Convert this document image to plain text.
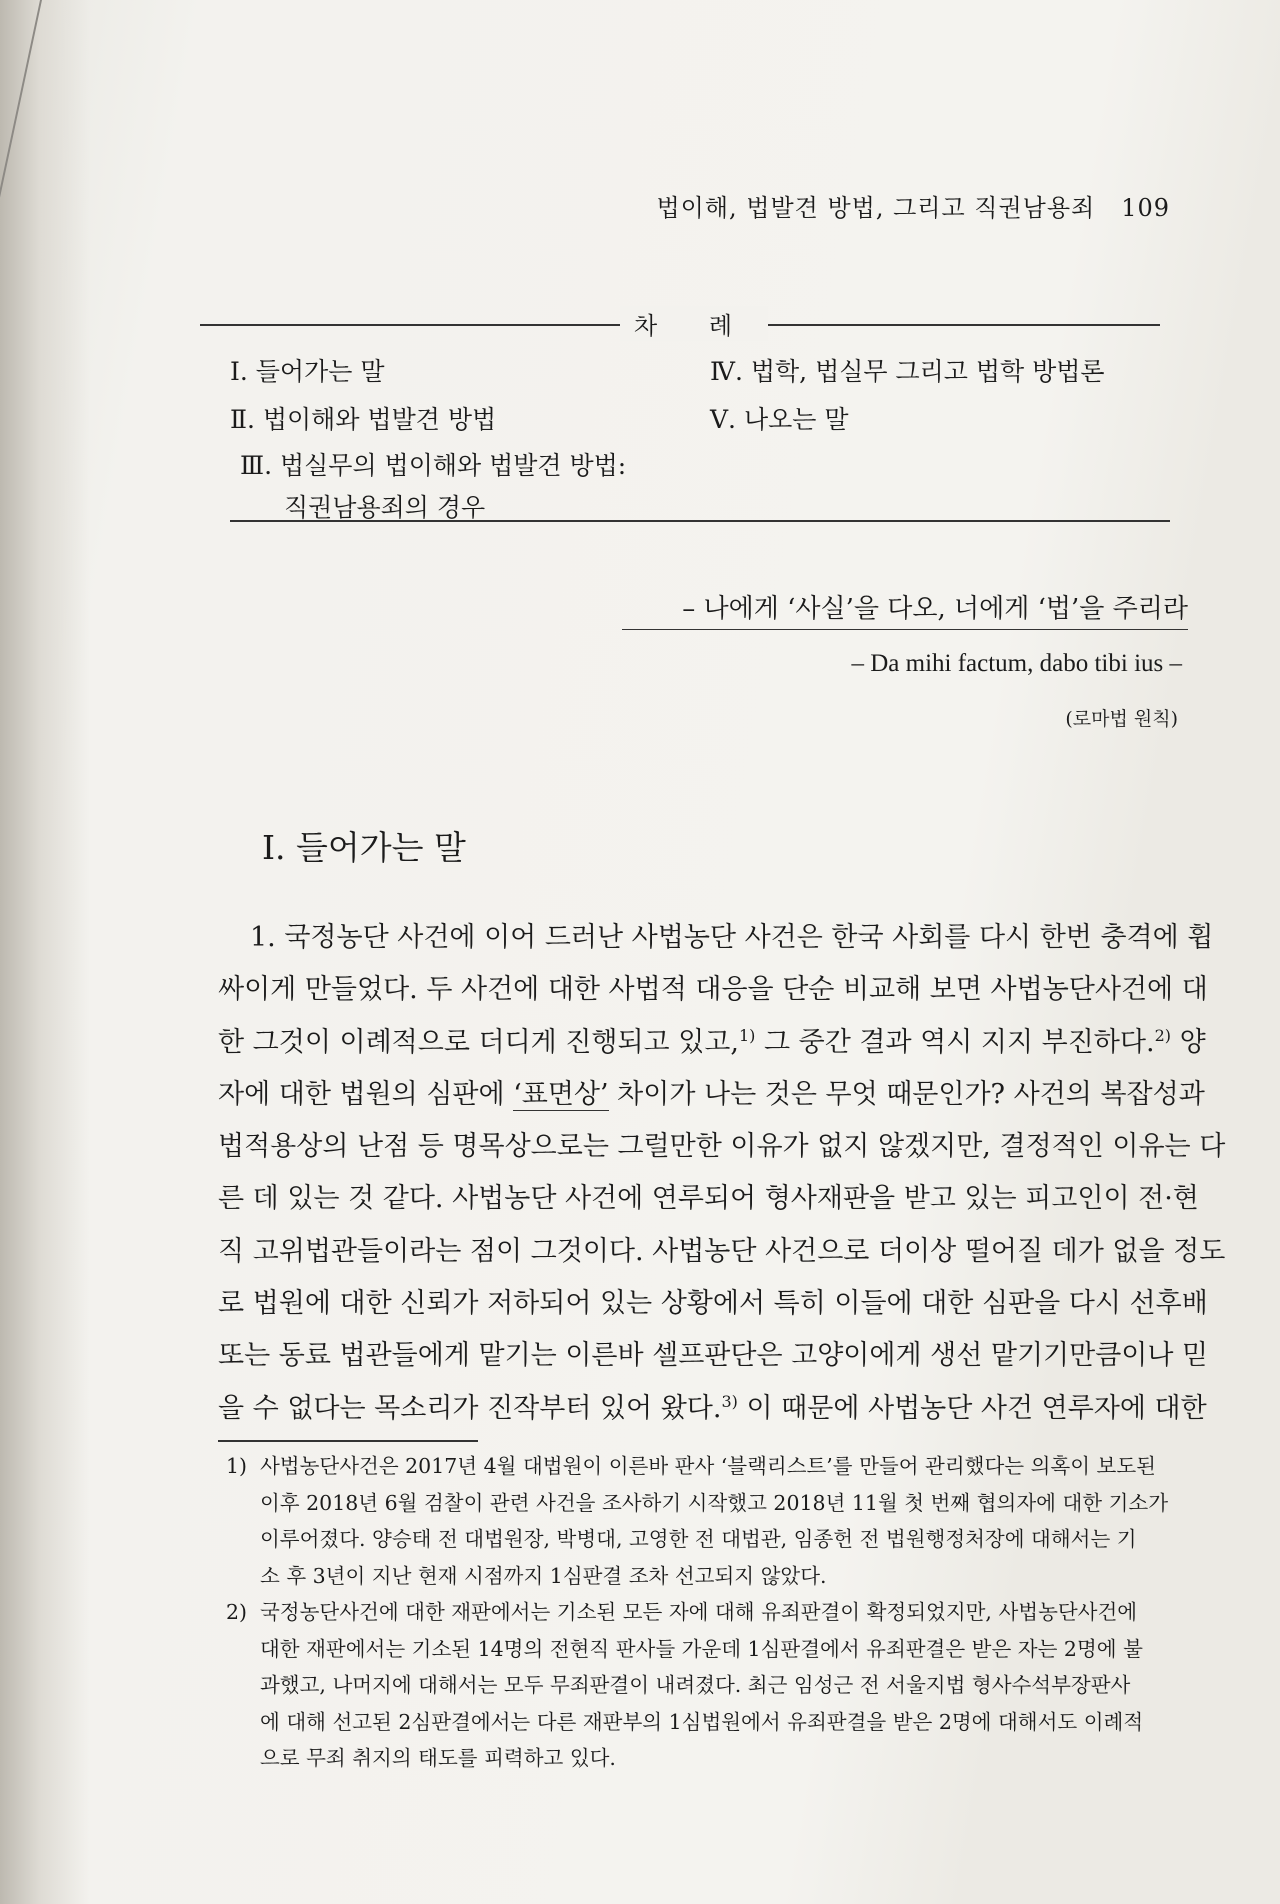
법이해, 법발견 방법, 그리고 직권남용죄 109
차 례
Ⅰ. 들어가는 말
Ⅱ. 법이해와 법발견 방법
Ⅲ. 법실무의 법이해와 법발견 방법:
직권남용죄의 경우
Ⅳ. 법학, 법실무 그리고 법학 방법론
Ⅴ. 나오는 말
– 나에게 ‘사실’을 다오, 너에게 ‘법’을 주리라
– Da mihi factum, dabo tibi ius –
(로마법 원칙)
Ⅰ. 들어가는 말
1. 국정농단 사건에 이어 드러난 사법농단 사건은 한국 사회를 다시 한번 충격에 휩
싸이게 만들었다. 두 사건에 대한 사법적 대응을 단순 비교해 보면 사법농단사건에 대
한 그것이 이례적으로 더디게 진행되고 있고,$^{1)}$ 그 중간 결과 역시 지지 부진하다.$^{2)}$ 양
자에 대한 법원의 심판에 ‘표면상’ 차이가 나는 것은 무엇 때문인가? 사건의 복잡성과
법적용상의 난점 등 명목상으로는 그럴만한 이유가 없지 않겠지만, 결정적인 이유는 다
른 데 있는 것 같다. 사법농단 사건에 연루되어 형사재판을 받고 있는 피고인이 전·현
직 고위법관들이라는 점이 그것이다. 사법농단 사건으로 더이상 떨어질 데가 없을 정도
로 법원에 대한 신뢰가 저하되어 있는 상황에서 특히 이들에 대한 심판을 다시 선후배
또는 동료 법관들에게 맡기는 이른바 셀프판단은 고양이에게 생선 맡기기만큼이나 믿
을 수 없다는 목소리가 진작부터 있어 왔다.$^{3)}$ 이 때문에 사법농단 사건 연루자에 대한
1) 사법농단사건은 2017년 4월 대법원이 이른바 판사 ‘블랙리스트’를 만들어 관리했다는 의혹이 보도된
이후 2018년 6월 검찰이 관련 사건을 조사하기 시작했고 2018년 11월 첫 번째 협의자에 대한 기소가
이루어졌다. 양승태 전 대법원장, 박병대, 고영한 전 대법관, 임종헌 전 법원행정처장에 대해서는 기
소 후 3년이 지난 현재 시점까지 1심판결 조차 선고되지 않았다.
2) 국정농단사건에 대한 재판에서는 기소된 모든 자에 대해 유죄판결이 확정되었지만, 사법농단사건에
대한 재판에서는 기소된 14명의 전현직 판사들 가운데 1심판결에서 유죄판결은 받은 자는 2명에 불
과했고, 나머지에 대해서는 모두 무죄판결이 내려졌다. 최근 임성근 전 서울지법 형사수석부장판사
에 대해 선고된 2심판결에서는 다른 재판부의 1심법원에서 유죄판결을 받은 2명에 대해서도 이례적
으로 무죄 취지의 태도를 피력하고 있다.
